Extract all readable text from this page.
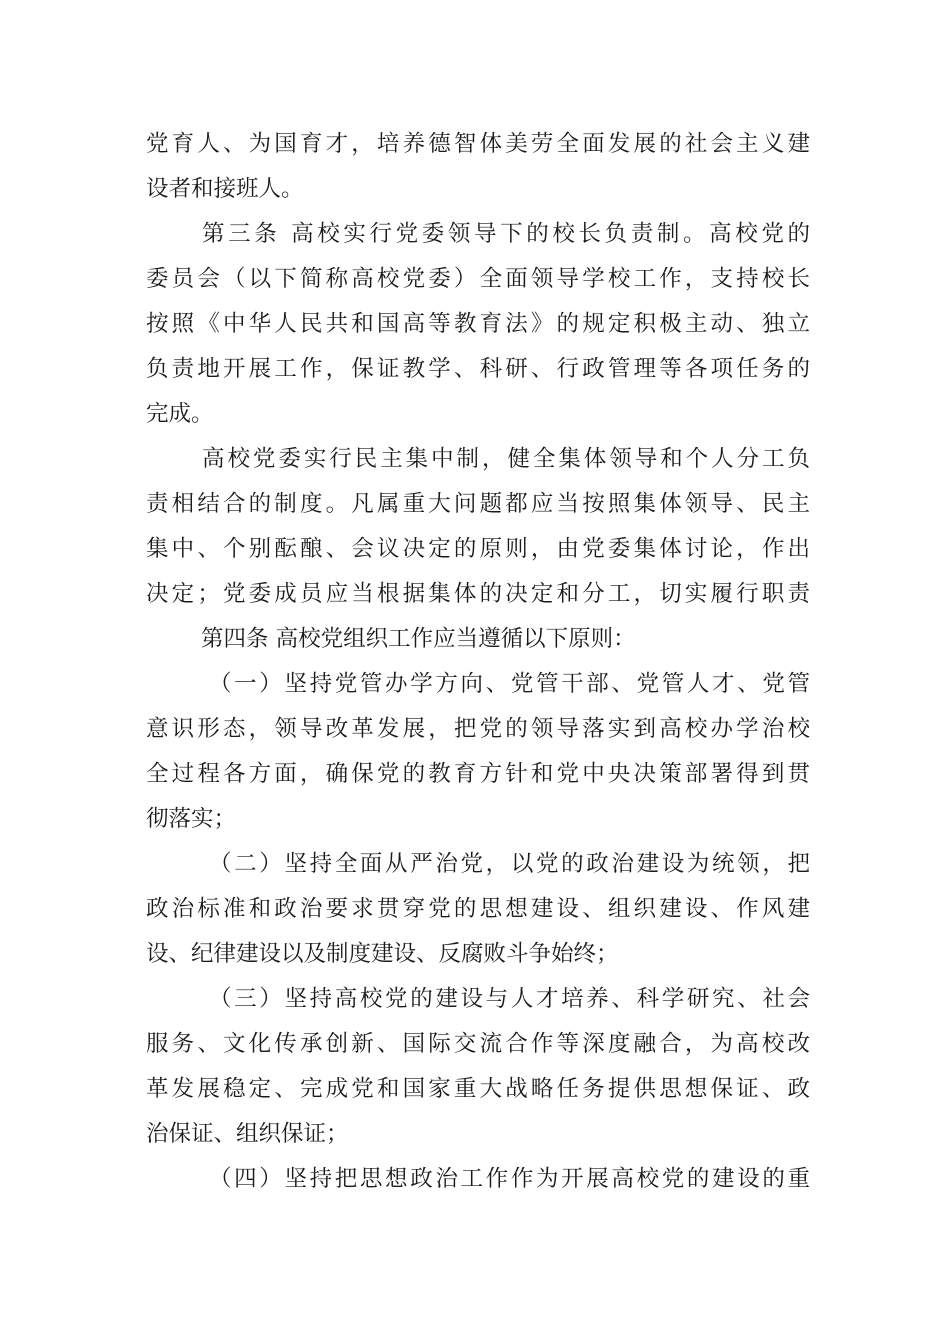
党育人、为国育才，培养德智体美劳全面发展的社会主义建
设者和接班人。
第三条 高校实行党委领导下的校长负责制。高校党的
委员会（以下简称高校党委）全面领导学校工作，支持校长
按照《中华人民共和国高等教育法》的规定积极主动、独立
负责地开展工作，保证教学、科研、行政管理等各项任务的
完成。
高校党委实行民主集中制，健全集体领导和个人分工负
责相结合的制度。凡属重大问题都应当按照集体领导、民主
集中、个别酝酿、会议决定的原则，由党委集体讨论，作出
决定；党委成员应当根据集体的决定和分工，切实履行职责
第四条 高校党组织工作应当遵循以下原则：
（一）坚持党管办学方向、党管干部、党管人才、党管
意识形态，领导改革发展，把党的领导落实到高校办学治校
全过程各方面，确保党的教育方针和党中央决策部署得到贯
彻落实；
（二）坚持全面从严治党，以党的政治建设为统领，把
政治标准和政治要求贯穿党的思想建设、组织建设、作风建
设、纪律建设以及制度建设、反腐败斗争始终；
（三）坚持高校党的建设与人才培养、科学研究、社会
服务、文化传承创新、国际交流合作等深度融合，为高校改
革发展稳定、完成党和国家重大战略任务提供思想保证、政
治保证、组织保证；
（四）坚持把思想政治工作作为开展高校党的建设的重
